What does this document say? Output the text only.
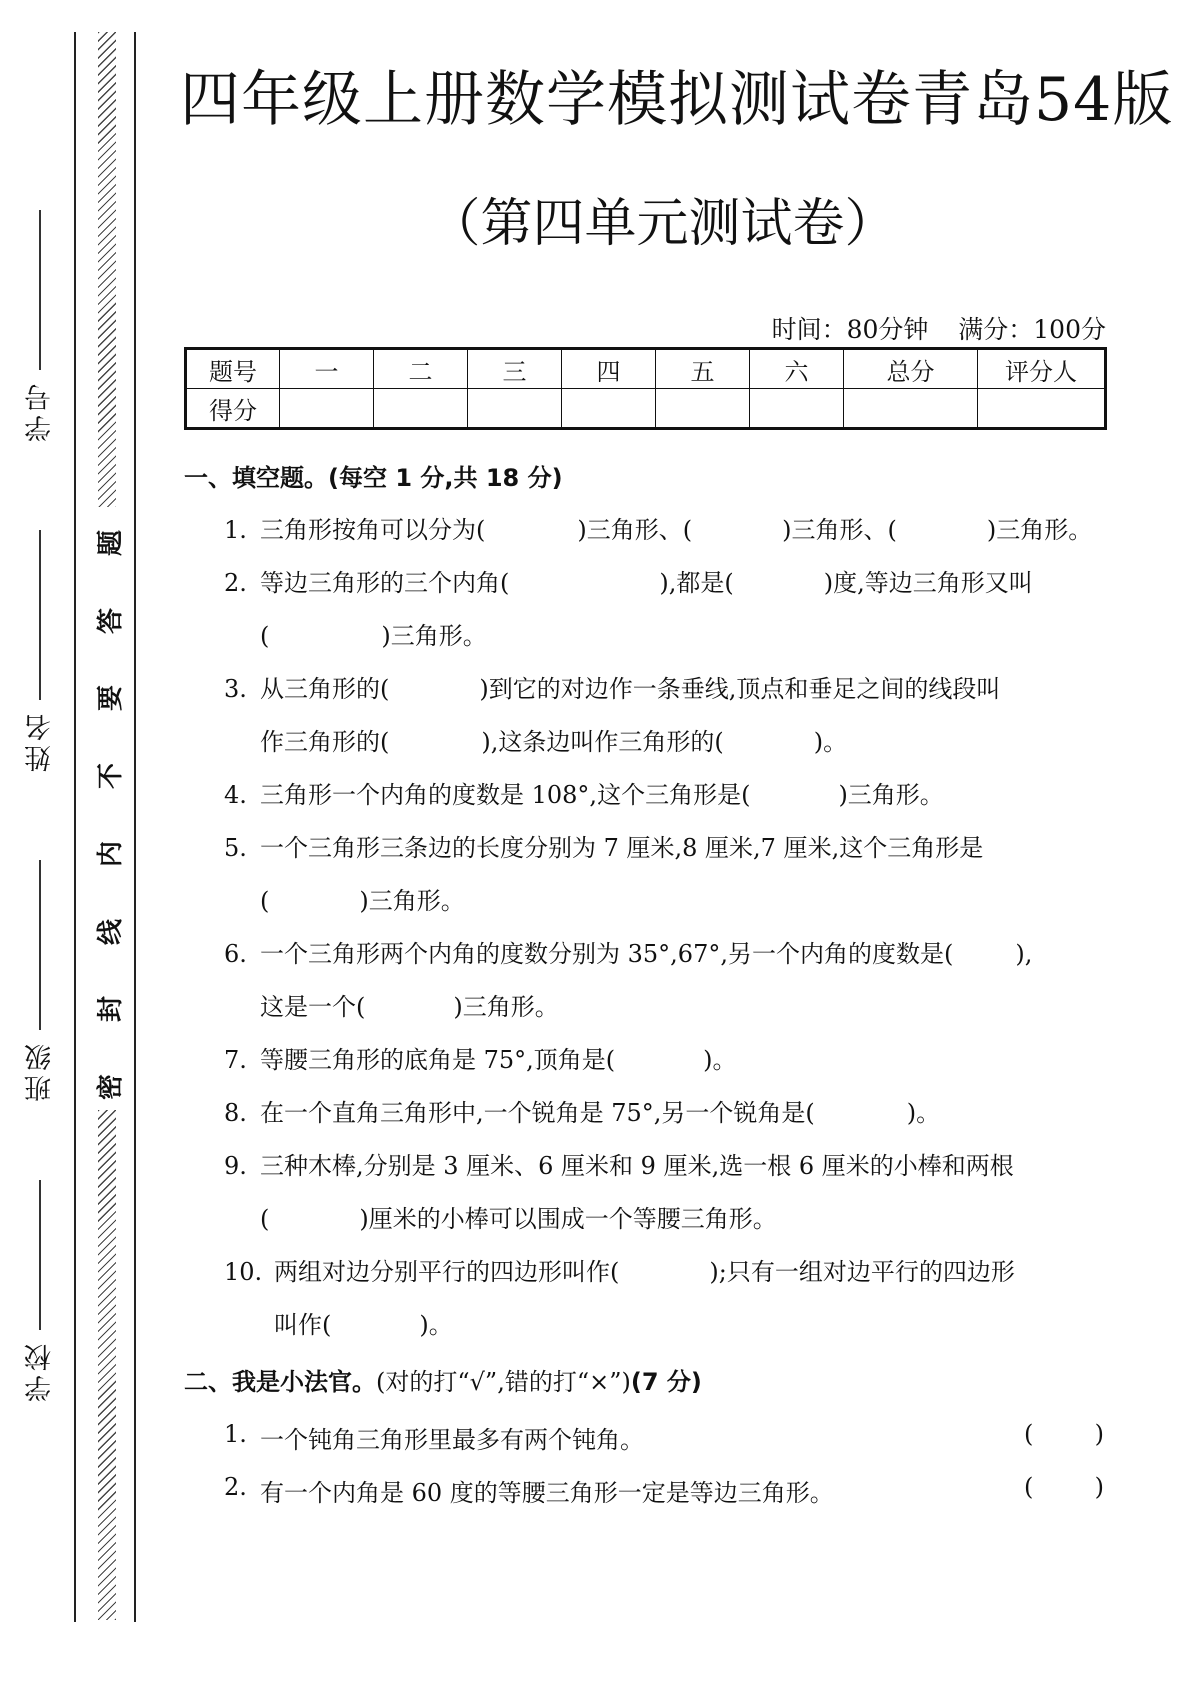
学号
姓名
班级
学校
题
答
要
不
内
线
封
密
四年级上册数学模拟测试卷青岛54版
（第四单元测试卷）
时间：80分钟 满分：100分
题号	一	二	三	四	五	六	总分	评分人
得分								
一、填空题。(每空 1 分,共 18 分)
1. 三角形按角可以分为(	)三角形、(	)三角形、(	)三角形。
2. 等边三角形的三个内角(	),都是(	)度,等边三角形又叫
(	)三角形。
3. 从三角形的(	)到它的对边作一条垂线,顶点和垂足之间的线段叫
作三角形的(	),这条边叫作三角形的(	)。
4. 三角形一个内角的度数是 108°,这个三角形是(	)三角形。
5. 一个三角形三条边的长度分别为 7 厘米,8 厘米,7 厘米,这个三角形是
(	)三角形。
6. 一个三角形两个内角的度数分别为 35°,67°,另一个内角的度数是(	),
这是一个(	)三角形。
7. 等腰三角形的底角是 75°,顶角是(	)。
8. 在一个直角三角形中,一个锐角是 75°,另一个锐角是(	)。
9. 三种木棒,分别是 3 厘米、6 厘米和 9 厘米,选一根 6 厘米的小棒和两根
(	)厘米的小棒可以围成一个等腰三角形。
10. 两组对边分别平行的四边形叫作(	);只有一组对边平行的四边形
叫作(	)。
二、我是小法官。(对的打“√”,错的打“×”)(7 分)
1. 一个钝角三角形里最多有两个钝角。	(	)
2. 有一个内角是 60 度的等腰三角形一定是等边三角形。	(	)
